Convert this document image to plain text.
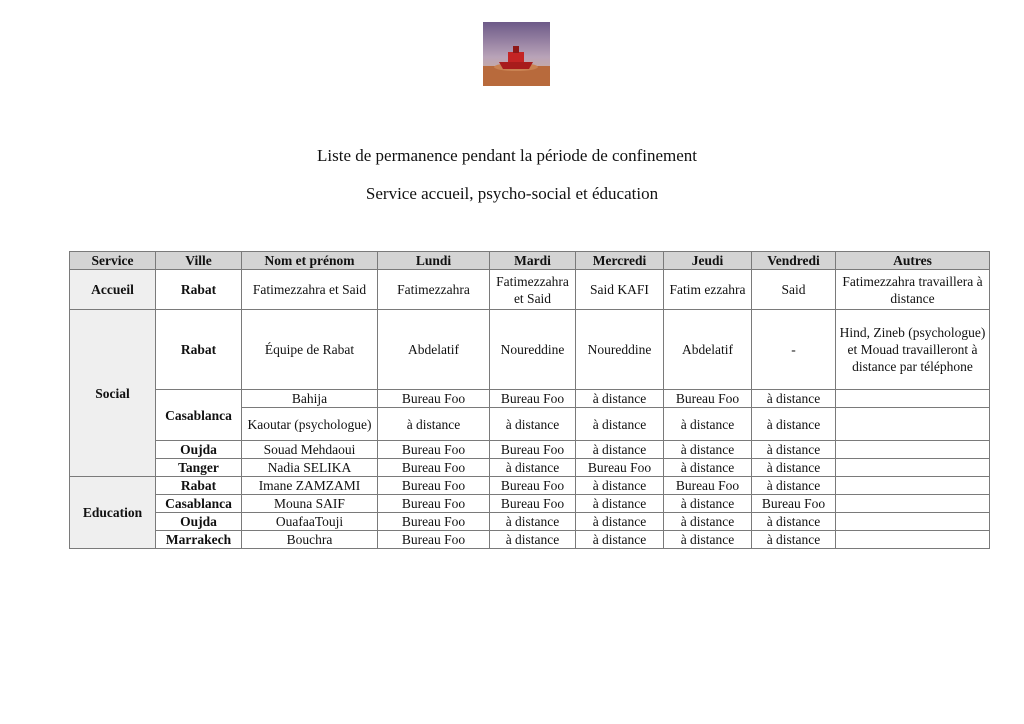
Liste de permanence pendant la période de confinement
Service accueil, psycho-social et éducation
Service	Ville	Nom et prénom	Lundi	Mardi	Mercredi	Jeudi	Vendredi	Autres
Accueil	Rabat	Fatimezzahra et Said	Fatimezzahra	Fatimezzahra et Said	Said KAFI	Fatim ezzahra	Said	Fatimezzahra travaillera à distance
Social	Rabat	Équipe de Rabat	Abdelatif	Noureddine	Noureddine	Abdelatif	-	Hind, Zineb (psychologue) et Mouad travailleront à distance par téléphone
	Casablanca	Bahija	Bureau Foo	Bureau Foo	à distance	Bureau Foo	à distance	
		Kaoutar (psychologue)	à distance	à distance	à distance	à distance	à distance	
	Oujda	Souad Mehdaoui	Bureau Foo	Bureau Foo	à distance	à distance	à distance	
	Tanger	Nadia SELIKA	Bureau Foo	à distance	Bureau Foo	à distance	à distance	
Education	Rabat	Imane ZAMZAMI	Bureau Foo	Bureau Foo	à distance	Bureau Foo	à distance	
	Casablanca	Mouna SAIF	Bureau Foo	Bureau Foo	à distance	à distance	Bureau Foo	
	Oujda	OuafaaTouji	Bureau Foo	à distance	à distance	à distance	à distance	
	Marrakech	Bouchra	Bureau Foo	à distance	à distance	à distance	à distance	
